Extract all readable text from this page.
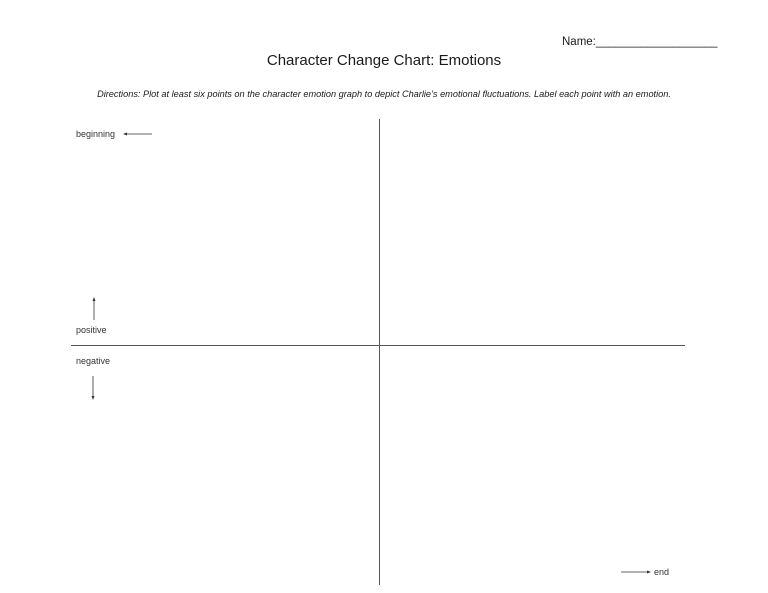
Name:___________________
Character Change Chart: Emotions
Directions: Plot at least six points on the character emotion graph to depict Charlie’s emotional fluctuations. Label each point with an emotion.
beginning
positive
negative
end
